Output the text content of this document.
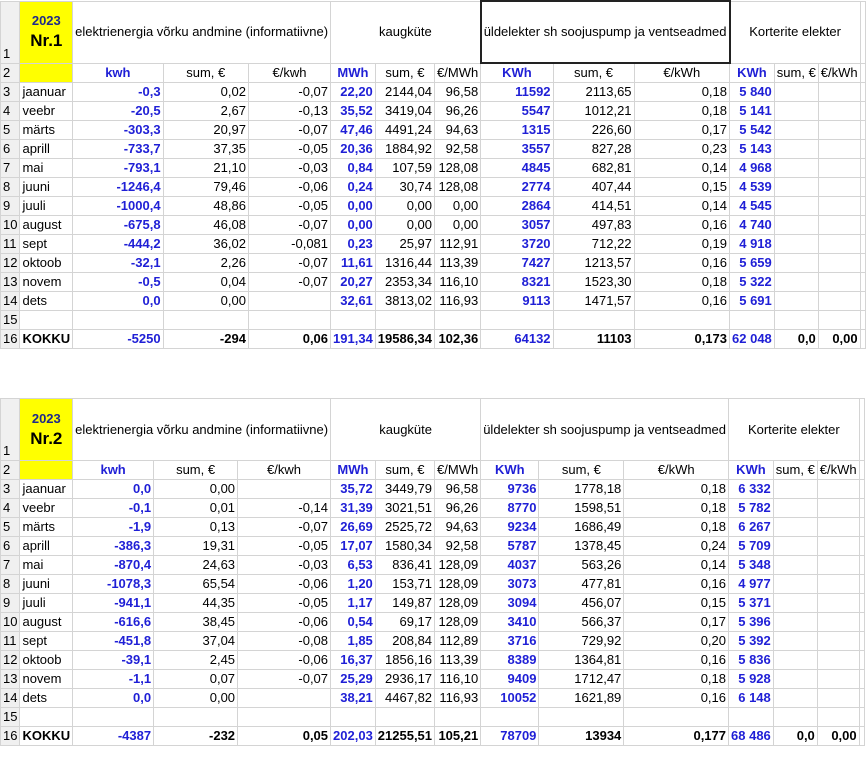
1	2023
Nr.1	elektrienergia võrku andmine (informatiivne)			kaugküte			üldelekter sh soojuspump ja ventseadmed			Korterite elekter			
2		kwh	sum, €	€/kwh	MWh	sum, €	€/MWh	KWh	sum, €	€/kWh	KWh	sum, €	€/kWh	
3	jaanuar	-0,3	0,02	-0,07	22,20	2144,04	96,58	11592	2113,65	0,18	5 840			
4	veebr	-20,5	2,67	-0,13	35,52	3419,04	96,26	5547	1012,21	0,18	5 141			
5	märts	-303,3	20,97	-0,07	47,46	4491,24	94,63	1315	226,60	0,17	5 542			
6	aprill	-733,7	37,35	-0,05	20,36	1884,92	92,58	3557	827,28	0,23	5 143			
7	mai	-793,1	21,10	-0,03	0,84	107,59	128,08	4845	682,81	0,14	4 968			
8	juuni	-1246,4	79,46	-0,06	0,24	30,74	128,08	2774	407,44	0,15	4 539			
9	juuli	-1000,4	48,86	-0,05	0,00	0,00	0,00	2864	414,51	0,14	4 545			
10	august	-675,8	46,08	-0,07	0,00	0,00	0,00	3057	497,83	0,16	4 740			
11	sept	-444,2	36,02	-0,081	0,23	25,97	112,91	3720	712,22	0,19	4 918			
12	oktoob	-32,1	2,26	-0,07	11,61	1316,44	113,39	7427	1213,57	0,16	5 659			
13	novem	-0,5	0,04	-0,07	20,27	2353,34	116,10	8321	1523,30	0,18	5 322			
14	dets	0,0	0,00		32,61	3813,02	116,93	9113	1471,57	0,16	5 691			
15														
16	KOKKU	-5250	-294	0,06	191,34	19586,34	102,36	64132	11103	0,173	62 048	0,0	0,00	
1	2023
Nr.2	elektrienergia võrku andmine (informatiivne)			kaugküte			üldelekter sh soojuspump ja ventseadmed			Korterite elekter			
2		kwh	sum, €	€/kwh	MWh	sum, €	€/MWh	KWh	sum, €	€/kWh	KWh	sum, €	€/kWh	
3	jaanuar	0,0	0,00		35,72	3449,79	96,58	9736	1778,18	0,18	6 332			
4	veebr	-0,1	0,01	-0,14	31,39	3021,51	96,26	8770	1598,51	0,18	5 782			
5	märts	-1,9	0,13	-0,07	26,69	2525,72	94,63	9234	1686,49	0,18	6 267			
6	aprill	-386,3	19,31	-0,05	17,07	1580,34	92,58	5787	1378,45	0,24	5 709			
7	mai	-870,4	24,63	-0,03	6,53	836,41	128,09	4037	563,26	0,14	5 348			
8	juuni	-1078,3	65,54	-0,06	1,20	153,71	128,09	3073	477,81	0,16	4 977			
9	juuli	-941,1	44,35	-0,05	1,17	149,87	128,09	3094	456,07	0,15	5 371			
10	august	-616,6	38,45	-0,06	0,54	69,17	128,09	3410	566,37	0,17	5 396			
11	sept	-451,8	37,04	-0,08	1,85	208,84	112,89	3716	729,92	0,20	5 392			
12	oktoob	-39,1	2,45	-0,06	16,37	1856,16	113,39	8389	1364,81	0,16	5 836			
13	novem	-1,1	0,07	-0,07	25,29	2936,17	116,10	9409	1712,47	0,18	5 928			
14	dets	0,0	0,00		38,21	4467,82	116,93	10052	1621,89	0,16	6 148			
15														
16	KOKKU	-4387	-232	0,05	202,03	21255,51	105,21	78709	13934	0,177	68 486	0,0	0,00	
